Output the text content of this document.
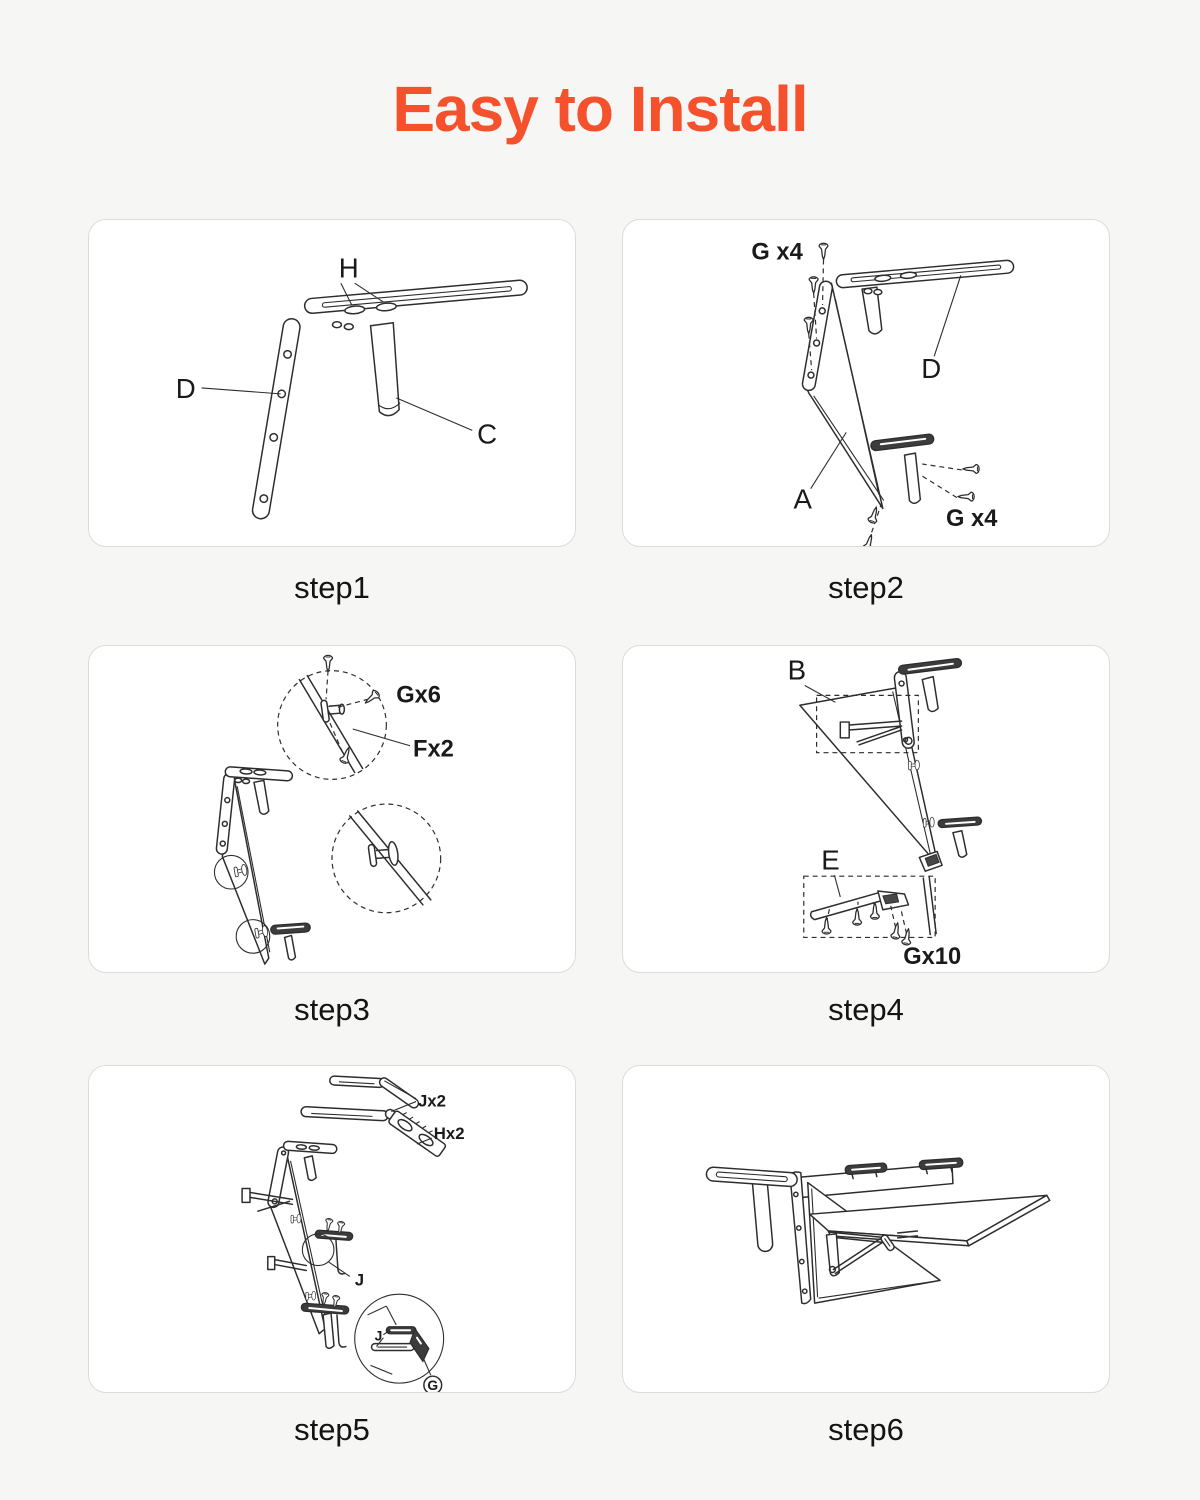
Easy to Install
H
D
C
G x4
D
A
G x4
Gx6
Fx2
B
E
Gx10
Jx2
Hx2
J
J
G
step1	step2
step3	step4
step5	step6
